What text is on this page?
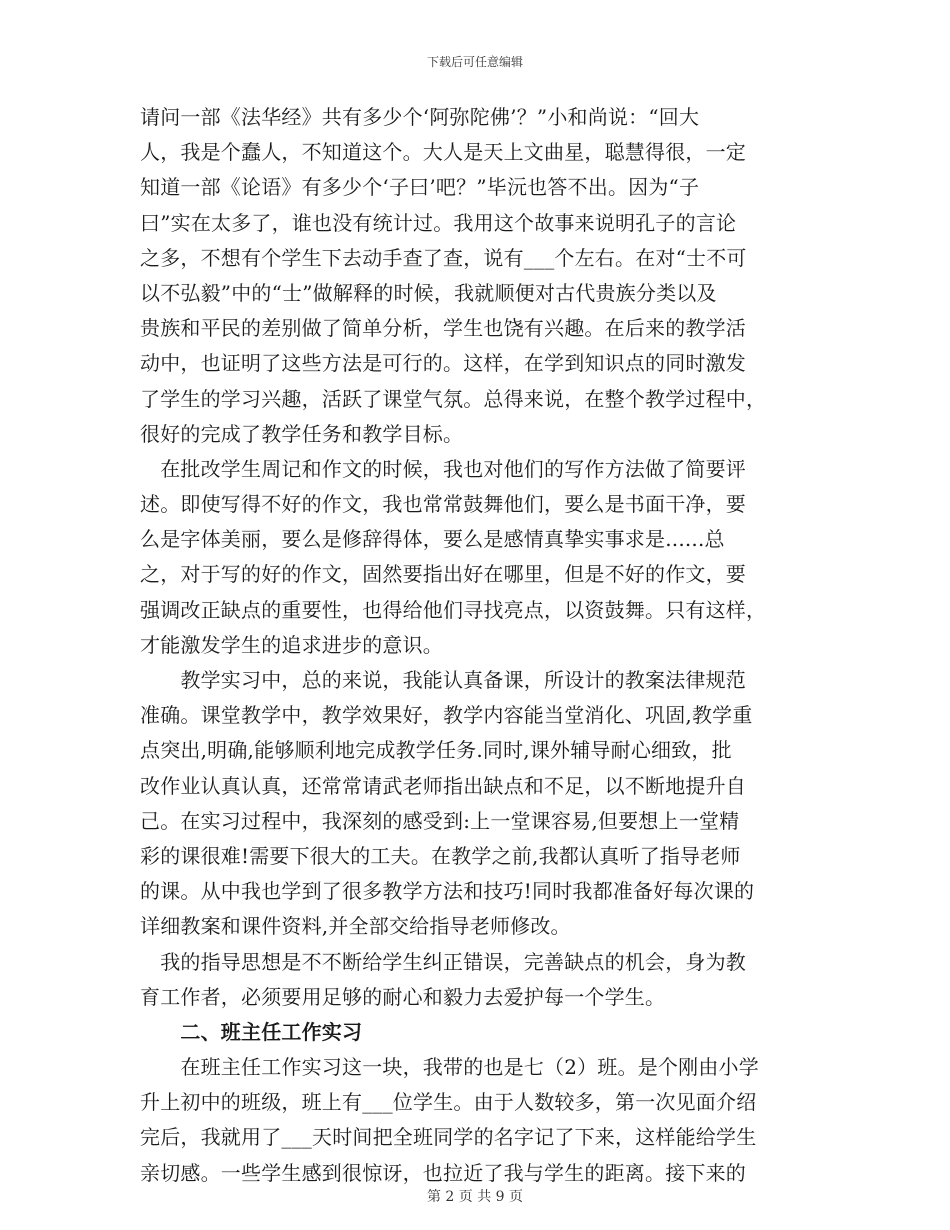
下载后可任意编辑
请问一部《法华经》共有多少个‘阿弥陀佛’？”小和尚说：“回大
人，我是个蠢人，不知道这个。大人是天上文曲星，聪慧得很，一定
知道一部《论语》有多少个‘子曰’吧？”毕沅也答不出。因为“子
曰”实在太多了，谁也没有统计过。我用这个故事来说明孔子的言论
之多，不想有个学生下去动手查了查，说有___个左右。在对“士不可
以不弘毅”中的“士”做解释的时候，我就顺便对古代贵族分类以及
贵族和平民的差别做了简单分析，学生也饶有兴趣。在后来的教学活
动中，也证明了这些方法是可行的。这样，在学到知识点的同时激发
了学生的学习兴趣，活跃了课堂气氛。总得来说，在整个教学过程中，
很好的完成了教学任务和教学目标。
　在批改学生周记和作文的时候，我也对他们的写作方法做了简要评
述。即使写得不好的作文，我也常常鼓舞他们，要么是书面干净，要
么是字体美丽，要么是修辞得体，要么是感情真挚实事求是......总
之，对于写的好的作文，固然要指出好在哪里，但是不好的作文，要
强调改正缺点的重要性，也得给他们寻找亮点，以资鼓舞。只有这样，
才能激发学生的追求进步的意识。
　　教学实习中，总的来说，我能认真备课，所设计的教案法律规范
准确。课堂教学中，教学效果好，教学内容能当堂消化、巩固,教学重
点突出,明确,能够顺利地完成教学任务.同时,课外辅导耐心细致，批
改作业认真认真，还常常请武老师指出缺点和不足，以不断地提升自
己。在实习过程中，我深刻的感受到:上一堂课容易,但要想上一堂精
彩的课很难!需要下很大的工夫。在教学之前,我都认真听了指导老师
的课。从中我也学到了很多教学方法和技巧!同时我都准备好每次课的
详细教案和课件资料,并全部交给指导老师修改。
　我的指导思想是不不断给学生纠正错误，完善缺点的机会，身为教
育工作者，必须要用足够的耐心和毅力去爱护每一个学生。
　　二、班主任工作实习
　　在班主任工作实习这一块，我带的也是七（2）班。是个刚由小学
升上初中的班级，班上有___位学生。由于人数较多，第一次见面介绍
完后，我就用了___天时间把全班同学的名字记了下来，这样能给学生
亲切感。一些学生感到很惊讶，也拉近了我与学生的距离。接下来的
第 2 页 共 9 页
